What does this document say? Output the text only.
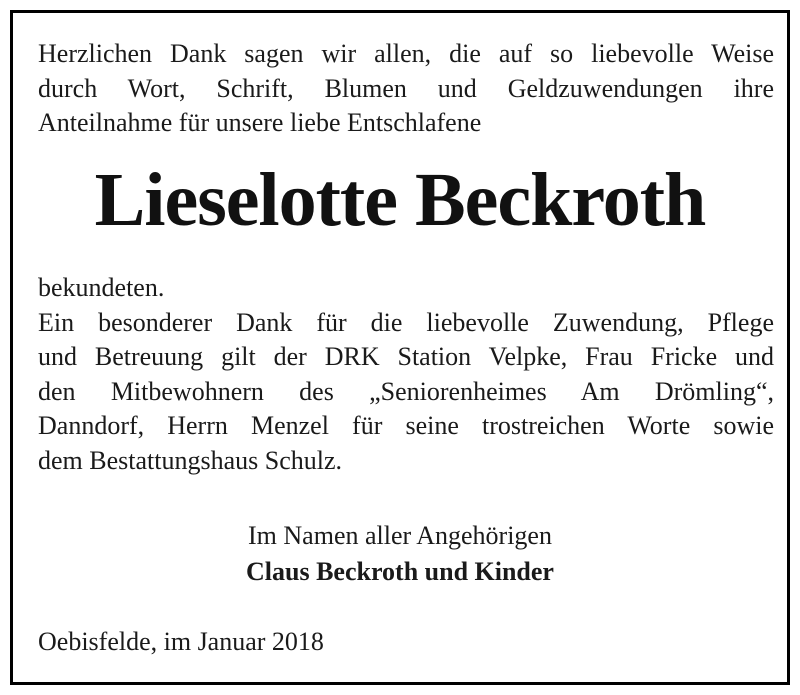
Herzlichen Dank sagen wir allen, die auf so liebevolle Weise
durch Wort, Schrift, Blumen und Geldzuwendungen ihre
Anteilnahme für unsere liebe Entschlafene
Lieselotte Beckroth
bekundeten.
Ein besonderer Dank für die liebevolle Zuwendung, Pflege
und Betreuung gilt der DRK Station Velpke, Frau Fricke und
den Mitbewohnern des „Seniorenheimes Am Drömling“,
Danndorf, Herrn Menzel für seine trostreichen Worte sowie
dem Bestattungshaus Schulz.

Im Namen aller Angehörigen

Claus Beckroth und Kinder

Oebisfelde, im Januar 2018
